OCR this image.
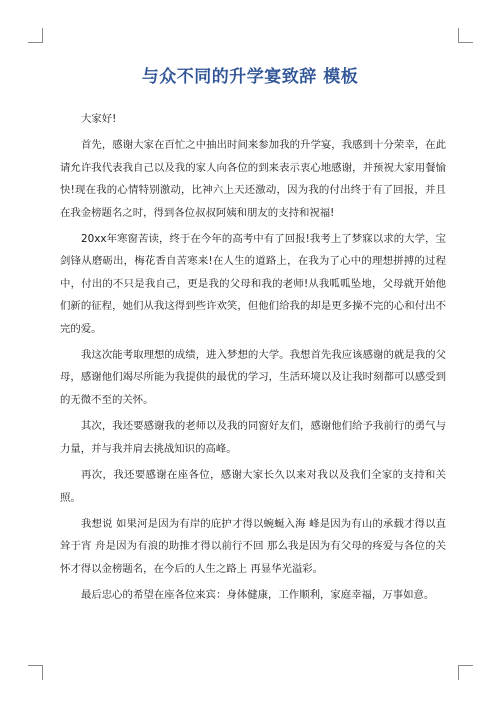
与众不同的升学宴致辞 模板

大家好!

首先，感谢大家在百忙之中抽出时间来参加我的升学宴，我感到十分荣幸，在此请允许我代表我自己以及我的家人向各位的到来表示衷心地感谢，并预祝大家用餐愉快!现在我的心情特别激动，比神六上天还激动，因为我的付出终于有了回报，并且在我金榜题名之时，得到各位叔叔阿姨和朋友的支持和祝福!

20xx年寒窗苦读，终于在今年的高考中有了回报!我考上了梦寐以求的大学，宝剑锋从磨砺出，梅花香自苦寒来!在人生的道路上，在我为了心中的理想拼搏的过程中，付出的不只是我自己，更是我的父母和我的老师!从我呱呱坠地，父母就开始他们新的征程，她们从我这得到些许欢笑，但他们给我的却是更多操不完的心和付出不完的爱。

我这次能考取理想的成绩，进入梦想的大学。我想首先我应该感谢的就是我的父母，感谢他们竭尽所能为我提供的最优的学习，生活环境以及让我时刻都可以感受到的无微不至的关怀。

其次，我还要感谢我的老师以及我的同窗好友们，感谢他们给予我前行的勇气与力量，并与我并肩去挑战知识的高峰。

再次，我还要感谢在座各位，感谢大家长久以来对我以及我们全家的支持和关照。

我想说 如果河是因为有岸的庇护才得以蜿蜒入海 峰是因为有山的承载才得以直耸于宵 舟是因为有浪的助推才得以前行不回 那么我是因为有父母的疼爱与各位的关怀才得以金榜题名，在今后的人生之路上 再显华光溢彩。

最后忠心的希望在座各位来宾：身体健康，工作顺利，家庭幸福，万事如意。
